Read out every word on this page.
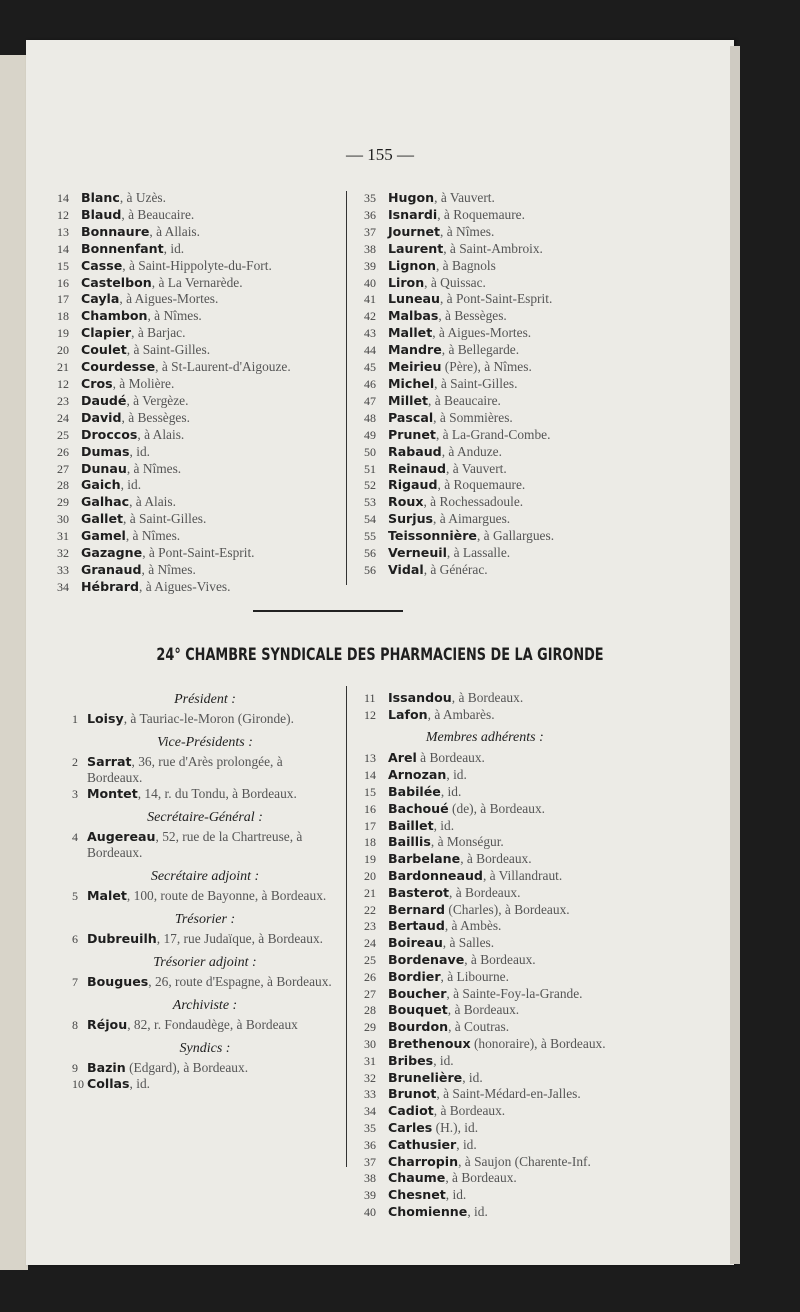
— 155 —
14 Blanc, à Uzès.
12 Blaud, à Beaucaire.
13 Bonnaure, à Allais.
14 Bonnenfant, id.
15 Casse, à Saint-Hippolyte-du-Fort.
16 Castelbon, à La Vernarède.
17 Cayla, à Aigues-Mortes.
18 Chambon, à Nîmes.
19 Clapier, à Barjac.
20 Coulet, à Saint-Gilles.
21 Courdesse, à St-Laurent-d'Aigouze.
12 Cros, à Molière.
23 Daudé, à Vergèze.
24 David, à Bessèges.
25 Droccos, à Alais.
26 Dumas, id.
27 Dunau, à Nîmes.
28 Gaich, id.
29 Galhac, à Alais.
30 Gallet, à Saint-Gilles.
31 Gamel, à Nîmes.
32 Gazagne, à Pont-Saint-Esprit.
33 Granaud, à Nîmes.
34 Hébrard, à Aigues-Vives.
35 Hugon, à Vauvert.
36 Isnardi, à Roquemaure.
37 Journet, à Nîmes.
38 Laurent, à Saint-Ambroix.
39 Lignon, à Bagnols
40 Liron, à Quissac.
41 Luneau, à Pont-Saint-Esprit.
42 Malbas, à Bessèges.
43 Mallet, à Aigues-Mortes.
44 Mandre, à Bellegarde.
45 Meirieu (Père), à Nîmes.
46 Michel, à Saint-Gilles.
47 Millet, à Beaucaire.
48 Pascal, à Sommières.
49 Prunet, à La-Grand-Combe.
50 Rabaud, à Anduze.
51 Reinaud, à Vauvert.
52 Rigaud, à Roquemaure.
53 Roux, à Rochessadoule.
54 Surjus, à Aimargues.
55 Teissonnière, à Gallargues.
56 Verneuil, à Lassalle.
56 Vidal, à Générac.
24° CHAMBRE SYNDICALE DES PHARMACIENS DE LA GIRONDE
Président :
1 Loisy, à Tauriac-le-Moron (Gironde).
Vice-Présidents :
2 Sarrat, 36, rue d'Arès prolongée, à Bordeaux.
3 Montet, 14, r. du Tondu, à Bordeaux.
Secrétaire-Général :
4 Augereau, 52, rue de la Chartreuse, à Bordeaux.
Secrétaire adjoint :
5 Malet, 100, route de Bayonne, à Bordeaux.
Trésorier :
6 Dubreuilh, 17, rue Judaïque, à Bordeaux.
Trésorier adjoint :
7 Bougues, 26, route d'Espagne, à Bordeaux.
Archiviste :
8 Réjou, 82, r. Fondaudège, à Bordeaux
Syndics :
9 Bazin (Edgard), à Bordeaux.
10 Collas, id.
11 Issandou, à Bordeaux.
12 Lafon, à Ambarès.
Membres adhérents :
13 Arel à Bordeaux.
14 Arnozan, id.
15 Babilée, id.
16 Bachoué (de), à Bordeaux.
17 Baillet, id.
18 Baillis, à Monségur.
19 Barbelane, à Bordeaux.
20 Bardonneaud, à Villandraut.
21 Basterot, à Bordeaux.
22 Bernard (Charles), à Bordeaux.
23 Bertaud, à Ambès.
24 Boireau, à Salles.
25 Bordenave, à Bordeaux.
26 Bordier, à Libourne.
27 Boucher, à Sainte-Foy-la-Grande.
28 Bouquet, à Bordeaux.
29 Bourdon, à Coutras.
30 Brethenoux (honoraire), à Bordeaux.
31 Bribes, id.
32 Brunelière, id.
33 Brunot, à Saint-Médard-en-Jalles.
34 Cadiot, à Bordeaux.
35 Carles (H.), id.
36 Cathusier, id.
37 Charropin, à Saujon (Charente-Inf.
38 Chaume, à Bordeaux.
39 Chesnet, id.
40 Chomienne, id.
